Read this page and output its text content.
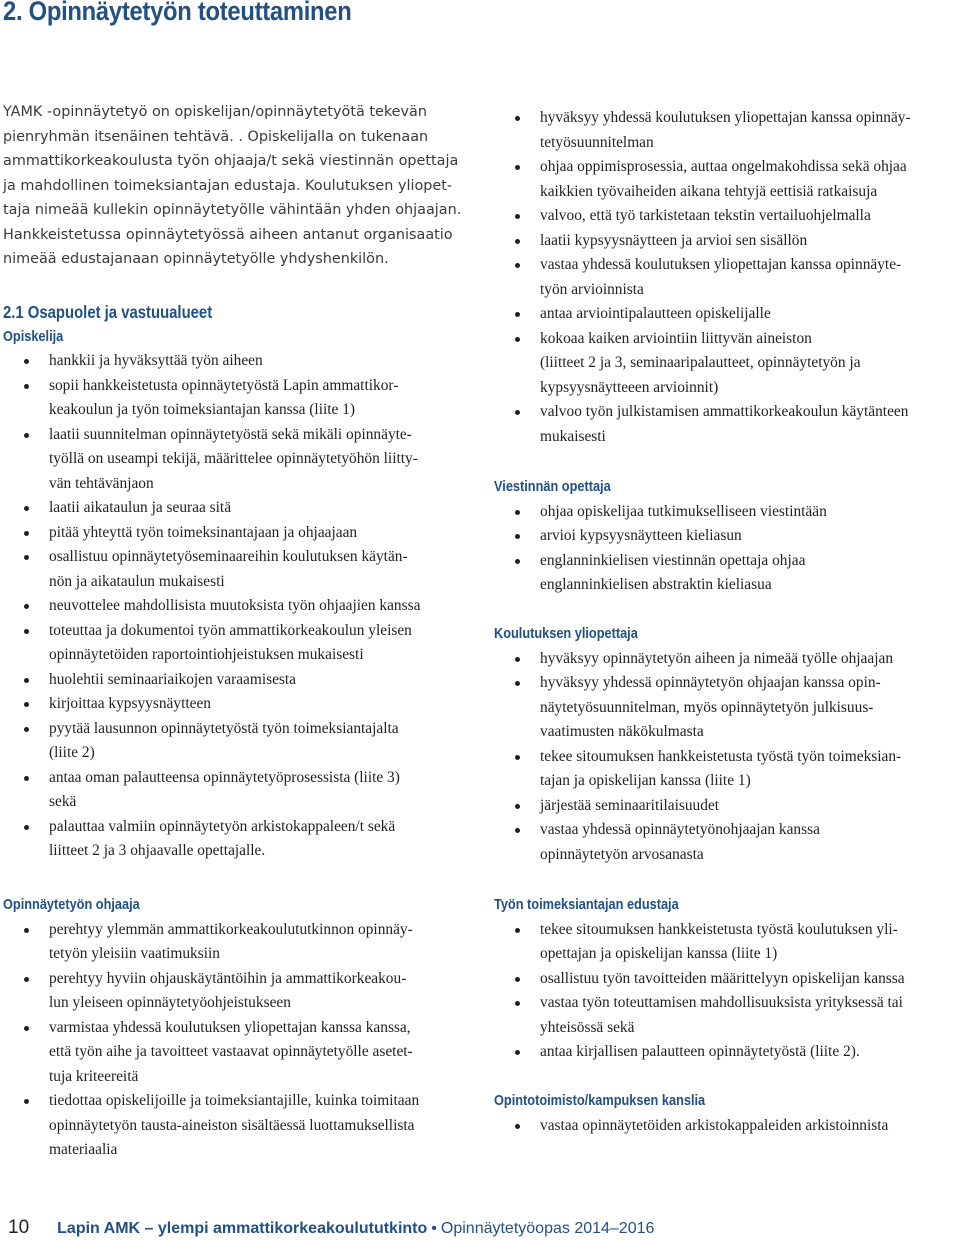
2. Opinnäytetyön toteuttaminen

YAMK -opinnäytetyö on opiskelijan/opinnäytetyötä tekevän
pienryhmän itsenäinen tehtävä. . Opiskelijalla on tukenaan
ammattikorkeakoulusta työn ohjaaja/t sekä viestinnän opettaja
ja mahdollinen toimeksiantajan edustaja. Koulutuksen yliopet-
taja nimeää kullekin opinnäytetyölle vähintään yhden ohjaajan.
Hankkeistetussa opinnäytetyössä aiheen antanut organisaatio
nimeää edustajanaan opinnäytetyölle yhdyshenkilön.

2.1 Osapuolet ja vastuualueet
Opiskelija
hankkii ja hyväksyttää työn aiheen
sopii hankkeistetusta opinnäytetyöstä Lapin ammattikor-
keakoulun ja työn toimeksiantajan kanssa (liite 1)
laatii suunnitelman opinnäytetyöstä sekä mikäli opinnäyte-
työllä on useampi tekijä, määrittelee opinnäytetyöhön liitty-
vän tehtävänjaon
laatii aikataulun ja seuraa sitä
pitää yhteyttä työn toimeksinantajaan ja ohjaajaan
osallistuu opinnäytetyöseminaareihin koulutuksen käytän-
nön ja aikataulun mukaisesti
neuvottelee mahdollisista muutoksista työn ohjaajien kanssa
toteuttaa ja dokumentoi työn ammattikorkeakoulun yleisen
opinnäytetöiden raportointiohjeistuksen mukaisesti
huolehtii seminaariaikojen varaamisesta
kirjoittaa kypsyysnäytteen
pyytää lausunnon opinnäytetyöstä työn toimeksiantajalta
(liite 2)
antaa oman palautteensa opinnäytetyöprosessista (liite 3)
sekä
palauttaa valmiin opinnäytetyön arkistokappaleen/t sekä
liitteet 2 ja 3 ohjaavalle opettajalle.
Opinnäytetyön ohjaaja
perehtyy ylemmän ammattikorkeakoulututkinnon opinnäy-
tetyön yleisiin vaatimuksiin
perehtyy hyviin ohjauskäytäntöihin ja ammattikorkeakou-
lun yleiseen opinnäytetyöohjeistukseen
varmistaa yhdessä koulutuksen yliopettajan kanssa kanssa,
että työn aihe ja tavoitteet vastaavat opinnäytetyölle asetet-
tuja kriteereitä
tiedottaa opiskelijoille ja toimeksiantajille, kuinka toimitaan
opinnäytetyön tausta-aineiston sisältäessä luottamuksellista
materiaalia
hyväksyy yhdessä koulutuksen yliopettajan kanssa opinnäy-
tetyösuunnitelman
ohjaa oppimisprosessia, auttaa ongelmakohdissa sekä ohjaa
kaikkien työvaiheiden aikana tehtyjä eettisiä ratkaisuja
valvoo, että työ tarkistetaan tekstin vertailuohjelmalla
laatii kypsyysnäytteen ja arvioi sen sisällön
vastaa yhdessä koulutuksen yliopettajan kanssa opinnäyte-
työn arvioinnista
antaa arviointipalautteen opiskelijalle
kokoaa kaiken arviointiin liittyvän aineiston
(liitteet 2 ja 3, seminaaripalautteet, opinnäytetyön ja
kypsyysnäytteeen arvioinnit)
valvoo työn julkistamisen ammattikorkeakoulun käytänteen
mukaisesti
Viestinnän opettaja
ohjaa opiskelijaa tutkimukselliseen viestintään
arvioi kypsyysnäytteen kieliasun
englanninkielisen viestinnän opettaja ohjaa
englanninkielisen abstraktin kieliasua
Koulutuksen yliopettaja
hyväksyy opinnäytetyön aiheen ja nimeää työlle ohjaajan
hyväksyy yhdessä opinnäytetyön ohjaajan kanssa opin-
näytetyösuunnitelman, myös opinnäytetyön julkisuus-
vaatimusten näkökulmasta
tekee sitoumuksen hankkeistetusta työstä työn toimeksian-
tajan ja opiskelijan kanssa (liite 1)
järjestää seminaaritilaisuudet
vastaa yhdessä opinnäytetyönohjaajan kanssa
opinnäytetyön arvosanasta
Työn toimeksiantajan edustaja
tekee sitoumuksen hankkeistetusta työstä koulutuksen yli-
opettajan ja opiskelijan kanssa (liite 1)
osallistuu työn tavoitteiden määrittelyyn opiskelijan kanssa
vastaa työn toteuttamisen mahdollisuuksista yrityksessä tai
yhteisössä sekä
antaa kirjallisen palautteen opinnäytetyöstä (liite 2).
Opintotoimisto/kampuksen kanslia
vastaa opinnäytetöiden arkistokappaleiden arkistoinnista
10 Lapin AMK – ylempi ammattikorkeakoulututkinto • Opinnäytetyöopas 2014–2016
